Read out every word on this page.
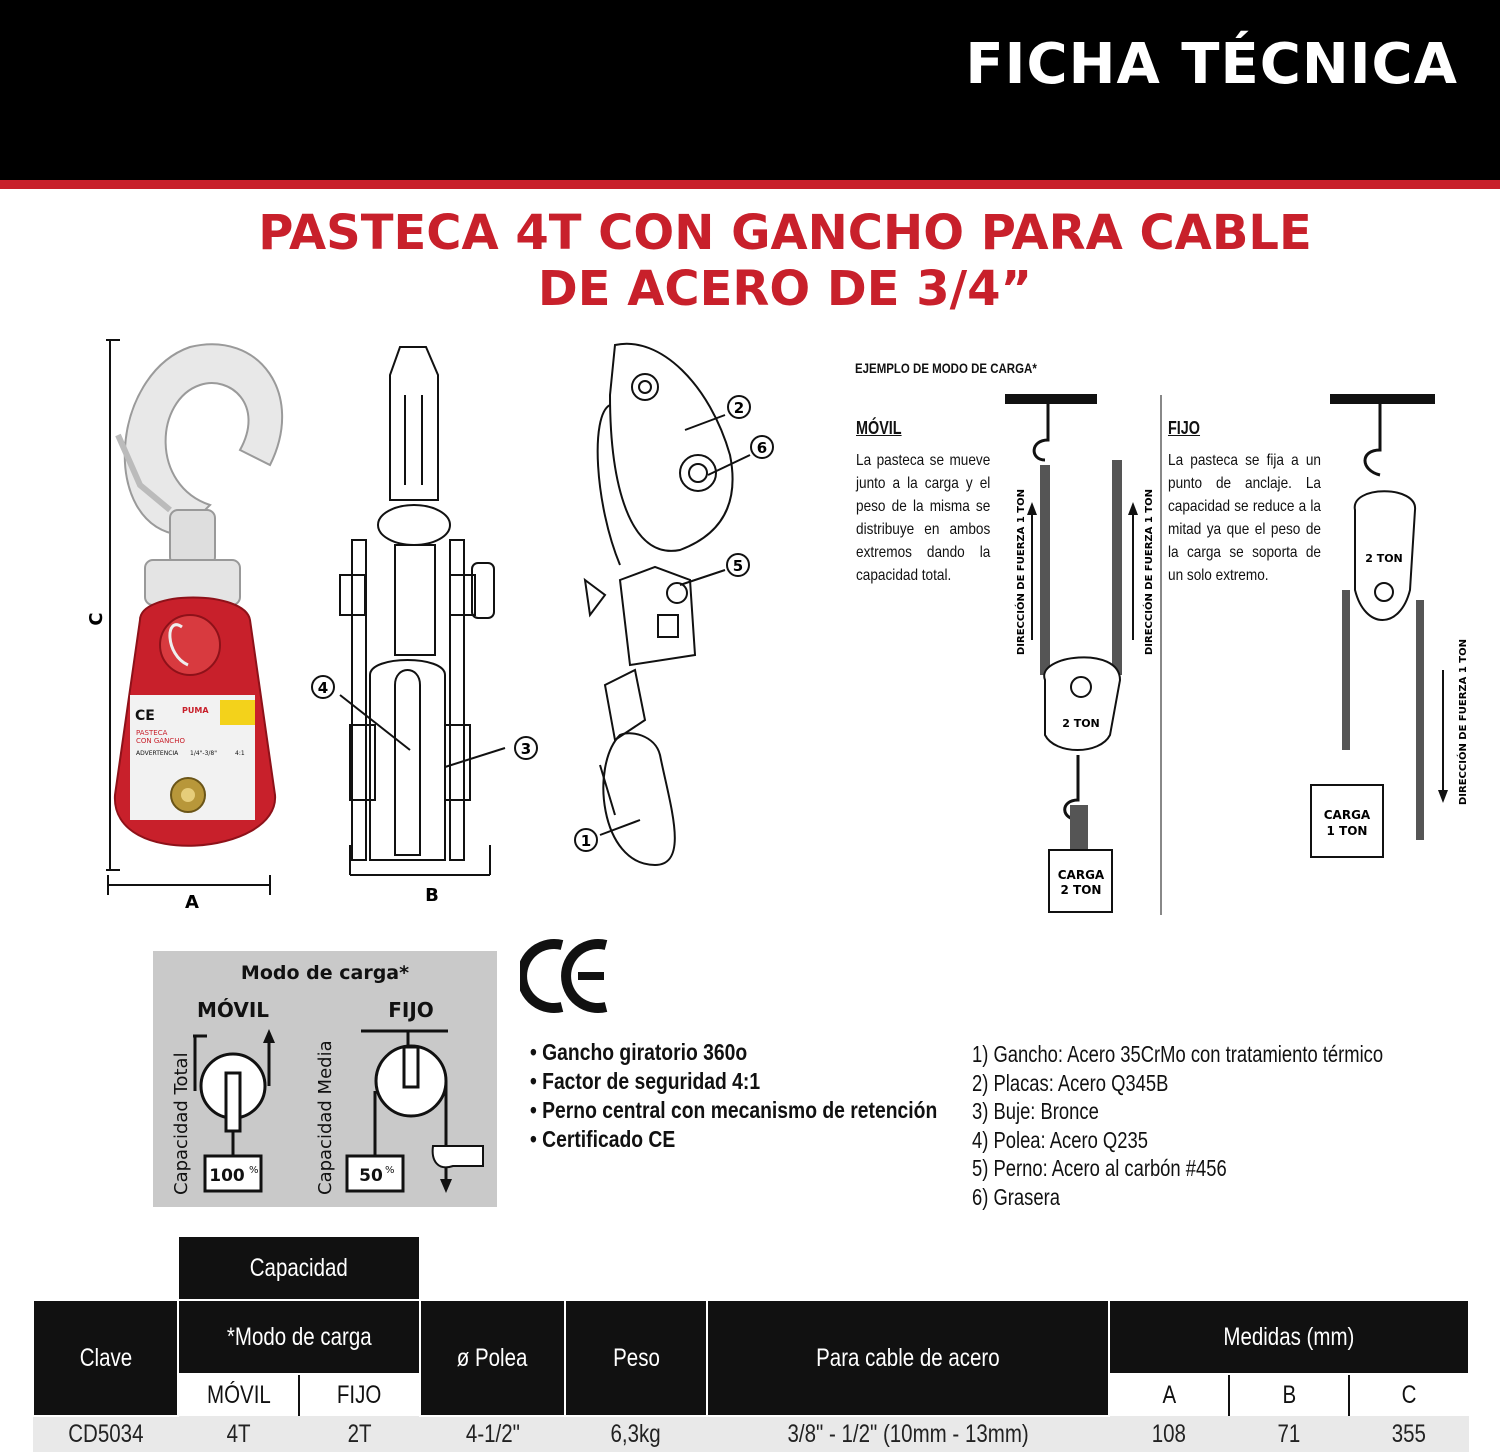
FICHA TÉCNICA
PASTECA 4T CON GANCHO PARA CABLE
DE ACERO DE 3/4”
C
A
CE	PUMA
PASTECA
CON GANCHO
ADVERTENCIA 1/4"-3/8"	4:1
4
3
B
2
6
5
1
EJEMPLO DE MODO DE CARGA*
MÓVIL
La pasteca se mueve junto a la carga y el peso de la misma se distribuye en ambos extremos dando la capacidad total.
FIJO
La pasteca se fija a un punto de anclaje. La capacidad se reduce a la mitad ya que el peso de la carga se soporta de un solo extremo.
DIRECCIÓN DE FUERZA 1 TON	DIRECCIÓN DE FUERZA 1 TON
2 TON
CARGA
2 TON
2 TON
DIRECCIÓN DE FUERZA 1 TON
CARGA
1 TON
Modo de carga*
MÓVIL	FIJO
Capacidad Total	Capacidad Media
100 %	50 %
• Gancho giratorio 360o
• Factor de seguridad 4:1
• Perno central con mecanismo de retención
• Certificado CE
1) Gancho: Acero 35CrMo con tratamiento térmico
2) Placas: Acero Q345B
3) Buje: Bronce
4) Polea: Acero Q235
5) Perno: Acero al carbón #456
6) Grasera
	Capacidad							
Clave	*Modo de carga		ø Polea	Peso	Para cable de acero	Medidas (mm)		
	MÓVIL	FIJO				A	B	C
CD5034	4T	2T	4-1/2"	6,3kg	3/8" - 1/2" (10mm - 13mm)	108	71	355
